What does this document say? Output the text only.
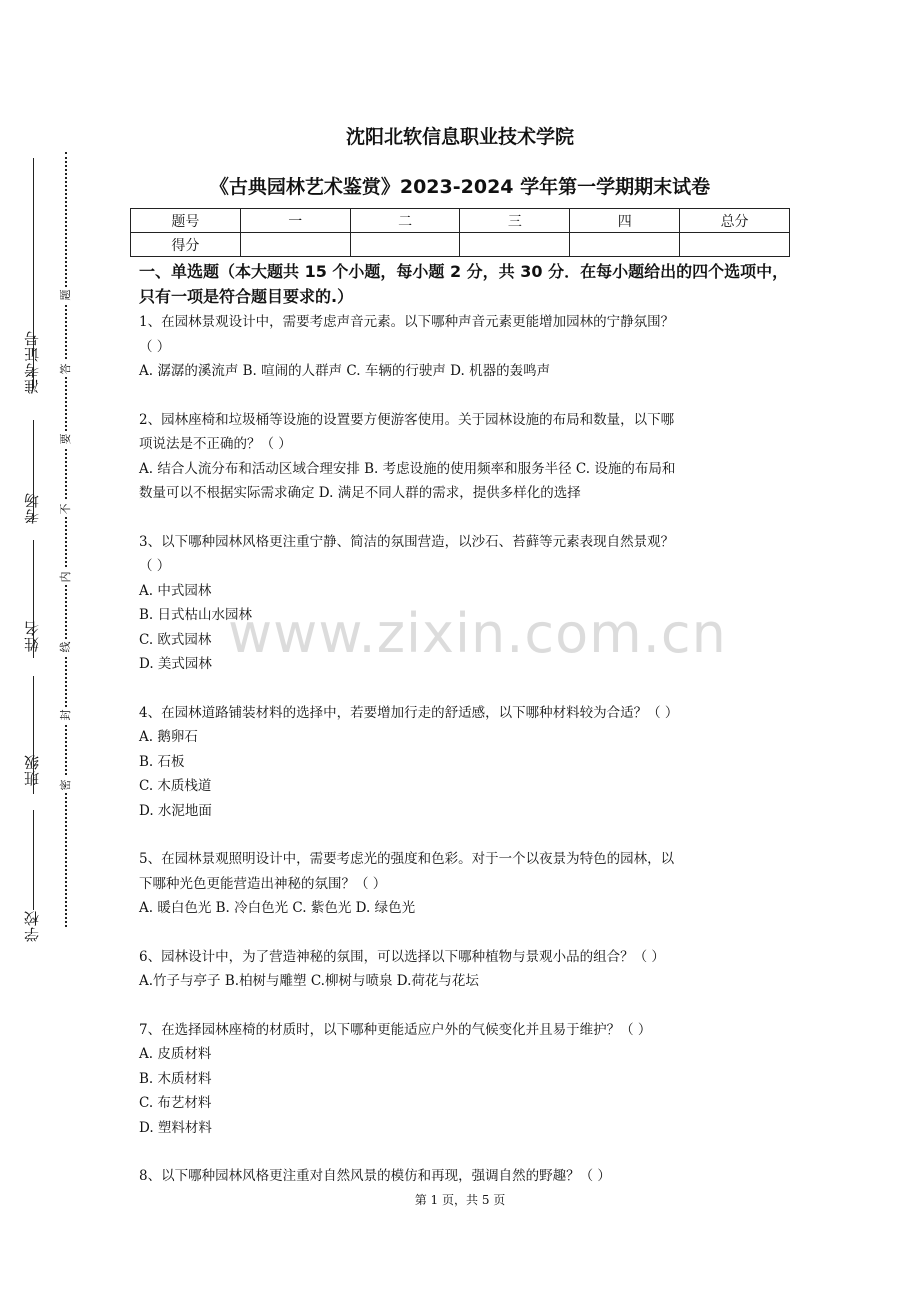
准考证号
考场
姓名
班级
学校
题
答
要
不
内
线
封
密
沈阳北软信息职业技术学院
《古典园林艺术鉴赏》2023-2024 学年第一学期期末试卷
题号	一	二	三	四	总分
得分					
一、单选题（本大题共 15 个小题，每小题 2 分，共 30 分．在每小题给出的四个选项中，只有一项是符合题目要求的.）

1、在园林景观设计中，需要考虑声音元素。以下哪种声音元素更能增加园林的宁静氛围？

（ ）

A. 潺潺的溪流声 B. 喧闹的人群声 C. 车辆的行驶声 D. 机器的轰鸣声

2、园林座椅和垃圾桶等设施的设置要方便游客使用。关于园林设施的布局和数量，以下哪

项说法是不正确的？（ ）

A. 结合人流分布和活动区域合理安排 B. 考虑设施的使用频率和服务半径 C. 设施的布局和

数量可以不根据实际需求确定 D. 满足不同人群的需求，提供多样化的选择

3、以下哪种园林风格更注重宁静、简洁的氛围营造，以沙石、苔藓等元素表现自然景观？

（ ）

A. 中式园林

B. 日式枯山水园林

C. 欧式园林

D. 美式园林

4、在园林道路铺装材料的选择中，若要增加行走的舒适感，以下哪种材料较为合适？（ ）

A. 鹅卵石

B. 石板

C. 木质栈道

D. 水泥地面

5、在园林景观照明设计中，需要考虑光的强度和色彩。对于一个以夜景为特色的园林，以

下哪种光色更能营造出神秘的氛围？（ ）

A. 暖白色光 B. 冷白色光 C. 紫色光 D. 绿色光

6、园林设计中，为了营造神秘的氛围，可以选择以下哪种植物与景观小品的组合？（ ）

A.竹子与亭子 B.柏树与雕塑 C.柳树与喷泉 D.荷花与花坛

7、在选择园林座椅的材质时，以下哪种更能适应户外的气候变化并且易于维护？（ ）

A. 皮质材料

B. 木质材料

C. 布艺材料

D. 塑料材料

8、以下哪种园林风格更注重对自然风景的模仿和再现，强调自然的野趣？（ ）

www.zixin.com.cn
第 1 页，共 5 页
